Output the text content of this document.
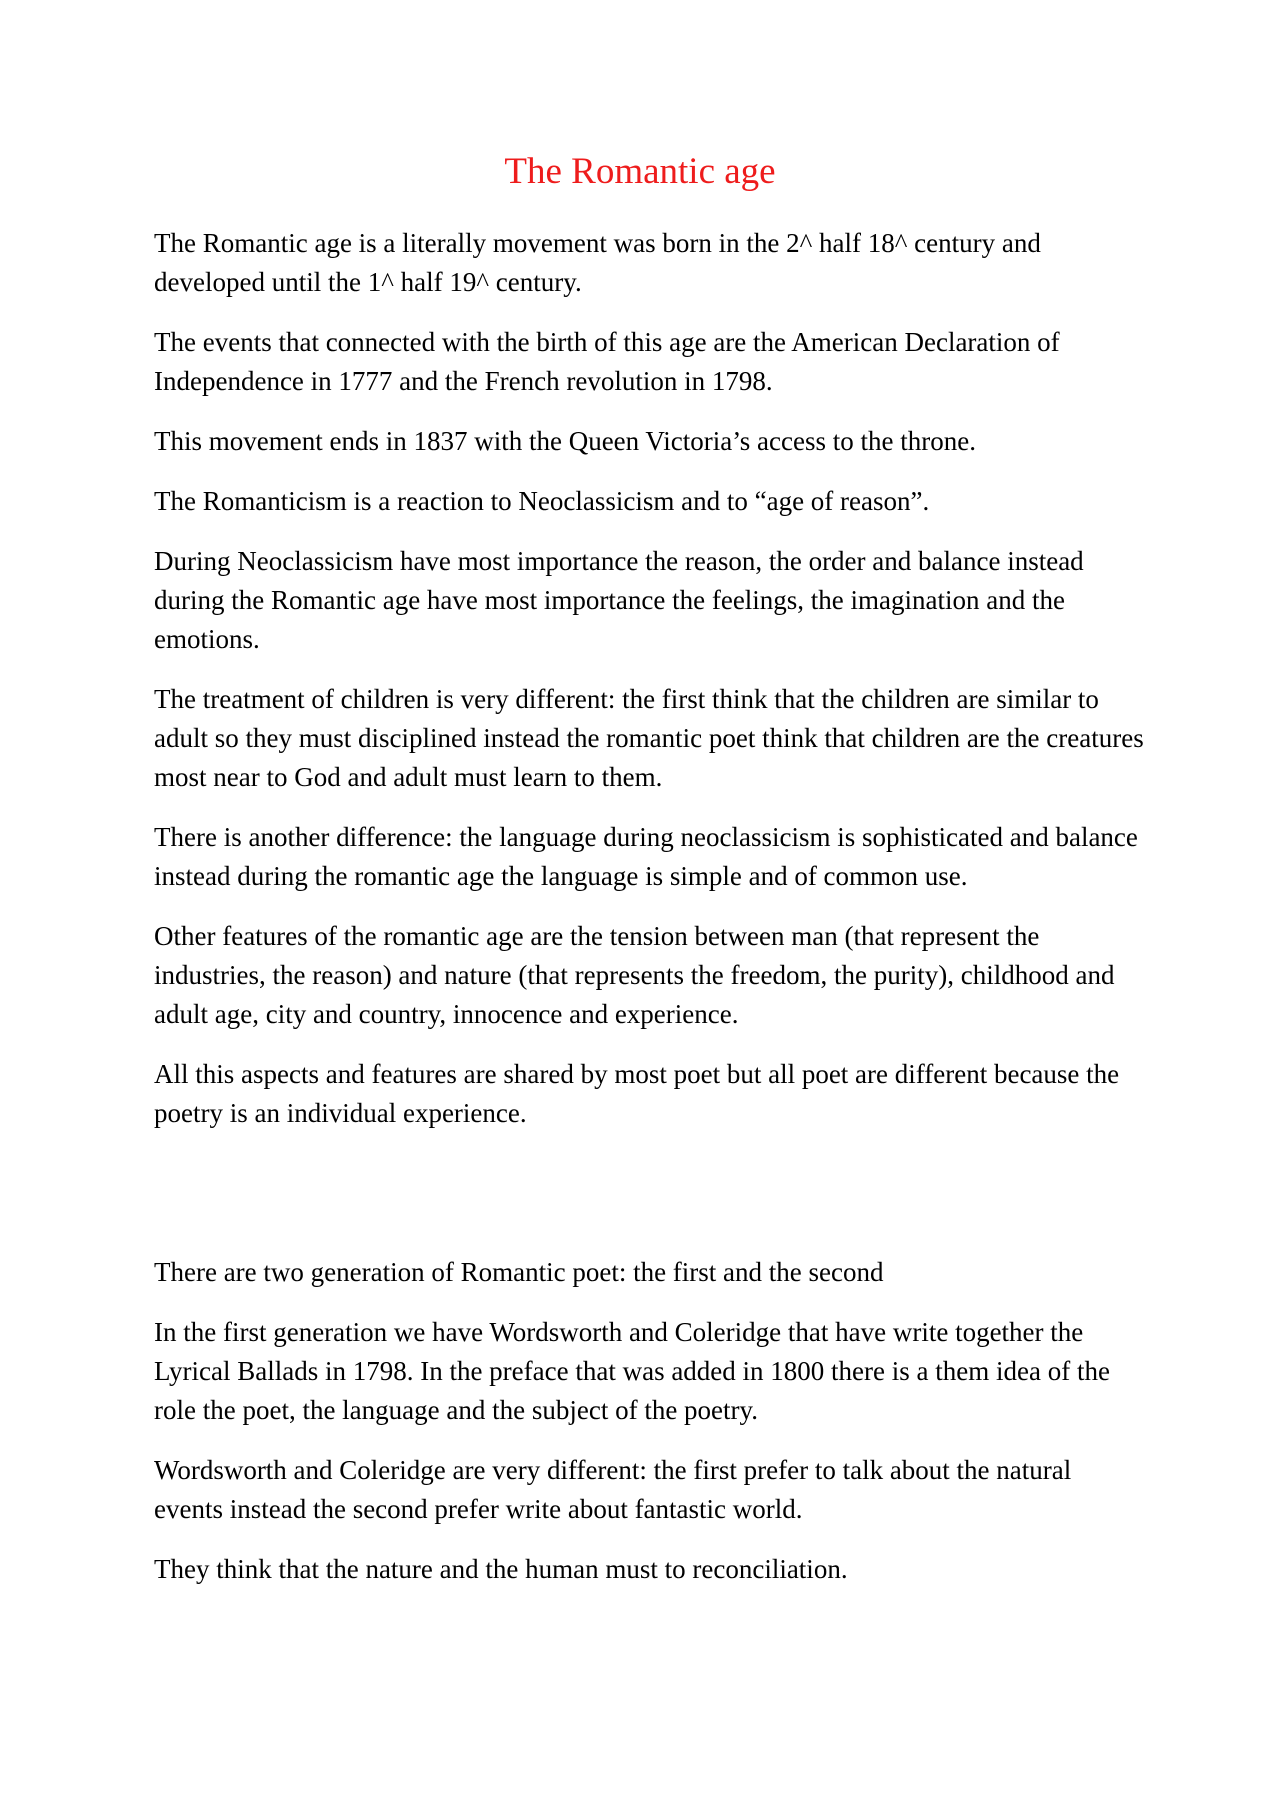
The Romantic age

The Romantic age is a literally movement was born in the 2^ half 18^ century and developed until the 1^ half 19^ century.

The events that connected with the birth of this age are the American Declaration of Independence in 1777 and the French revolution in 1798.

This movement ends in 1837 with the Queen Victoria’s access to the throne.

The Romanticism is a reaction to Neoclassicism and to “age of reason”.

During Neoclassicism have most importance the reason, the order and balance instead during the Romantic age have most importance the feelings, the imagination and the emotions.

The treatment of children is very different: the first think that the children are similar to adult so they must disciplined instead the romantic poet think that children are the creatures most near to God and adult must learn to them.

There is another difference: the language during neoclassicism is sophisticated and balance instead during the romantic age the language is simple and of common use.

Other features of the romantic age are the tension between man (that represent the industries, the reason) and nature (that represents the freedom, the purity), childhood and adult age, city and country, innocence and experience.

All this aspects and features are shared by most poet but all poet are different because the poetry is an individual experience.

There are two generation of Romantic poet: the first and the second

In the first generation we have Wordsworth and Coleridge that have write together the Lyrical Ballads in 1798. In the preface that was added in 1800 there is a them idea of the role the poet, the language and the subject of the poetry.

Wordsworth and Coleridge are very different: the first prefer to talk about the natural events instead the second prefer write about fantastic world.

They think that the nature and the human must to reconciliation.
